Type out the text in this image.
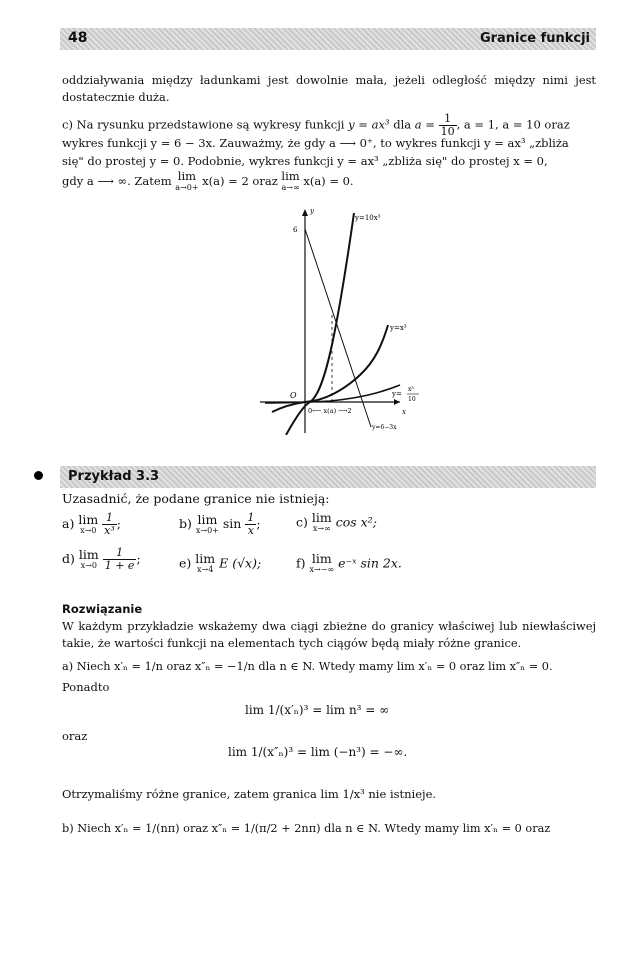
48	Granice funkcji
oddziaływania między ładunkami jest dowolnie mała, jeżeli odległość między nimi jest dostatecznie duża.
c) Na rysunku przedstawione są wykresy funkcji y = ax³ dla $a = \frac{1}{10}$ , a = 1, a = 10 oraz
wykres funkcji y = 6 − 3x. Zauważmy, że gdy a ⟶ 0⁺, to wykres funkcji y = ax³ „zbliża
się" do prostej y = 0. Podobnie, wykres funkcji y = ax³ „zbliża się" do prostej x = 0,
gdy a ⟶ ∞. Zatem lim
a→0+ x(a) = 2 oraz lim
a→∞ x(a) = 0.
y
x
6
O
y=10x³
y=x³
y=
x³
10
y=6−3x
0⟵ x(a) ⟶2
Przykład 3.3
Uzasadnić, że podane granice nie istnieją:
a) lim
x→0
$\frac{1}{\text{x³}}$ ;	b) lim
$x\to 0+ \sin \frac{1}{x}$ ;	c) lim
x→∞ cos x²;
d) lim
x→0
$\frac{1}{1 + e}$ ;	e) lim
x→4 E (√x);	f) lim
x→−∞ e⁻ˣ sin 2x.
Rozwiązanie
W każdym przykładzie wskażemy dwa ciągi zbieżne do granicy właściwej lub niewłaściwej takie, że wartości funkcji na elementach tych ciągów będą miały różne granice.
a) Niech x′ₙ = 1/n oraz x″ₙ = −1/n dla n ∈ N. Wtedy mamy lim x′ₙ = 0 oraz lim x″ₙ = 0.
Ponadto
lim 1/(x′ₙ)³ = lim n³ = ∞
oraz
lim 1/(x″ₙ)³ = lim (−n³) = −∞.
Otrzymaliśmy różne granice, zatem granica lim 1/x³ nie istnieje.
b) Niech x′ₙ = 1/(nπ) oraz x″ₙ = 1/(π/2 + 2nπ) dla n ∈ N. Wtedy mamy lim x′ₙ = 0 oraz
